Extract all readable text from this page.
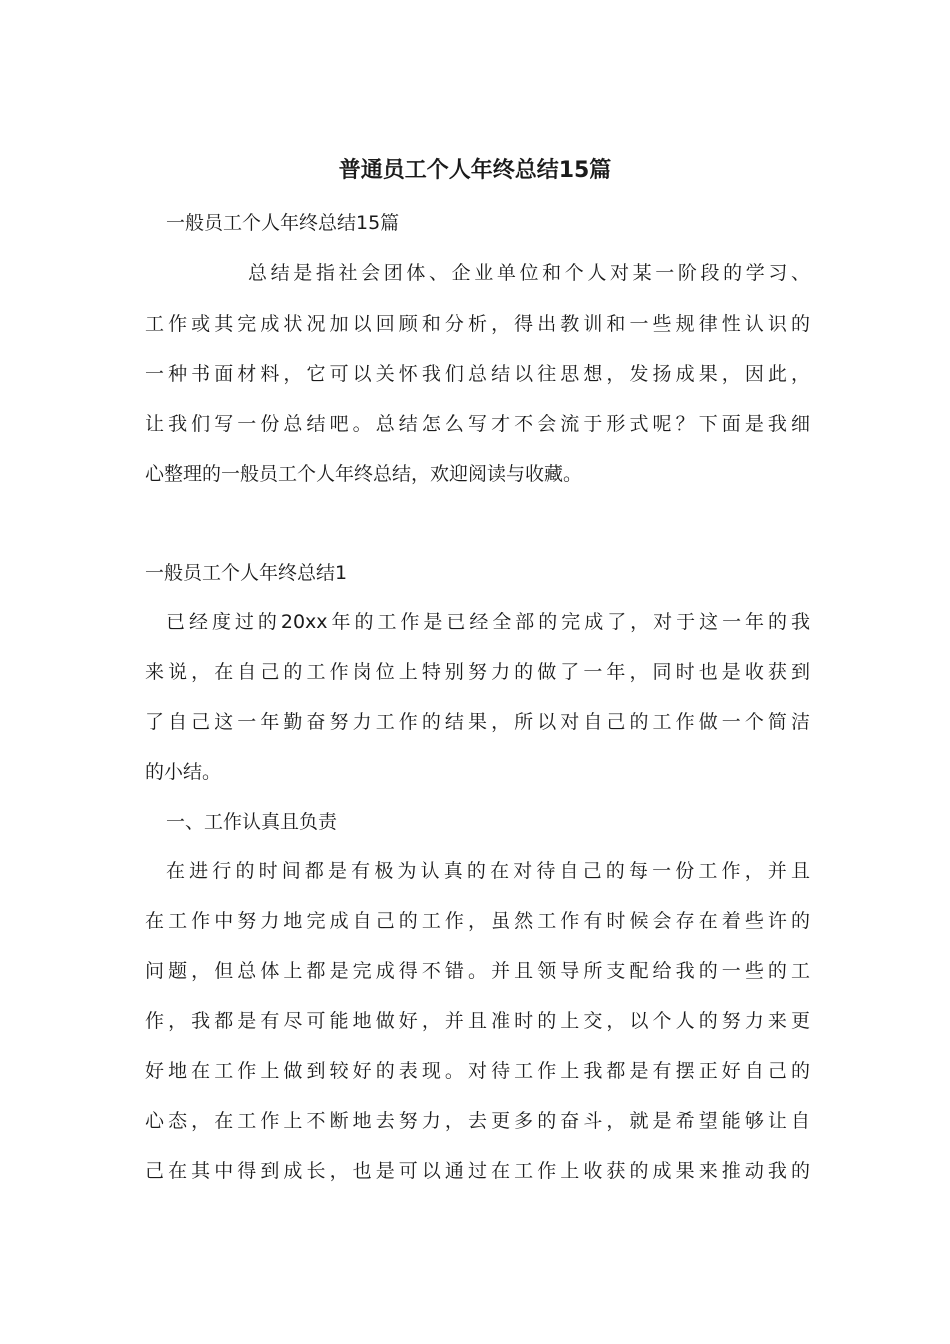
普通员工个人年终总结15篇

一般员工个人年终总结15篇

总结是指社会团体、企业单位和个人对某一阶段的学习、

工作或其完成状况加以回顾和分析，得出教训和一些规律性认识的

一种书面材料，它可以关怀我们总结以往思想，发扬成果，因此，

让我们写一份总结吧。总结怎么写才不会流于形式呢？下面是我细

心整理的一般员工个人年终总结，欢迎阅读与收藏。

一般员工个人年终总结1

已经度过的20xx年的工作是已经全部的完成了，对于这一年的我

来说，在自己的工作岗位上特别努力的做了一年，同时也是收获到

了自己这一年勤奋努力工作的结果，所以对自己的工作做一个简洁

的小结。

一、工作认真且负责

在进行的时间都是有极为认真的在对待自己的每一份工作，并且

在工作中努力地完成自己的工作，虽然工作有时候会存在着些许的

问题，但总体上都是完成得不错。并且领导所支配给我的一些的工

作，我都是有尽可能地做好，并且准时的上交，以个人的努力来更

好地在工作上做到较好的表现。对待工作上我都是有摆正好自己的

心态，在工作上不断地去努力，去更多的奋斗，就是希望能够让自

己在其中得到成长，也是可以通过在工作上收获的成果来推动我的
